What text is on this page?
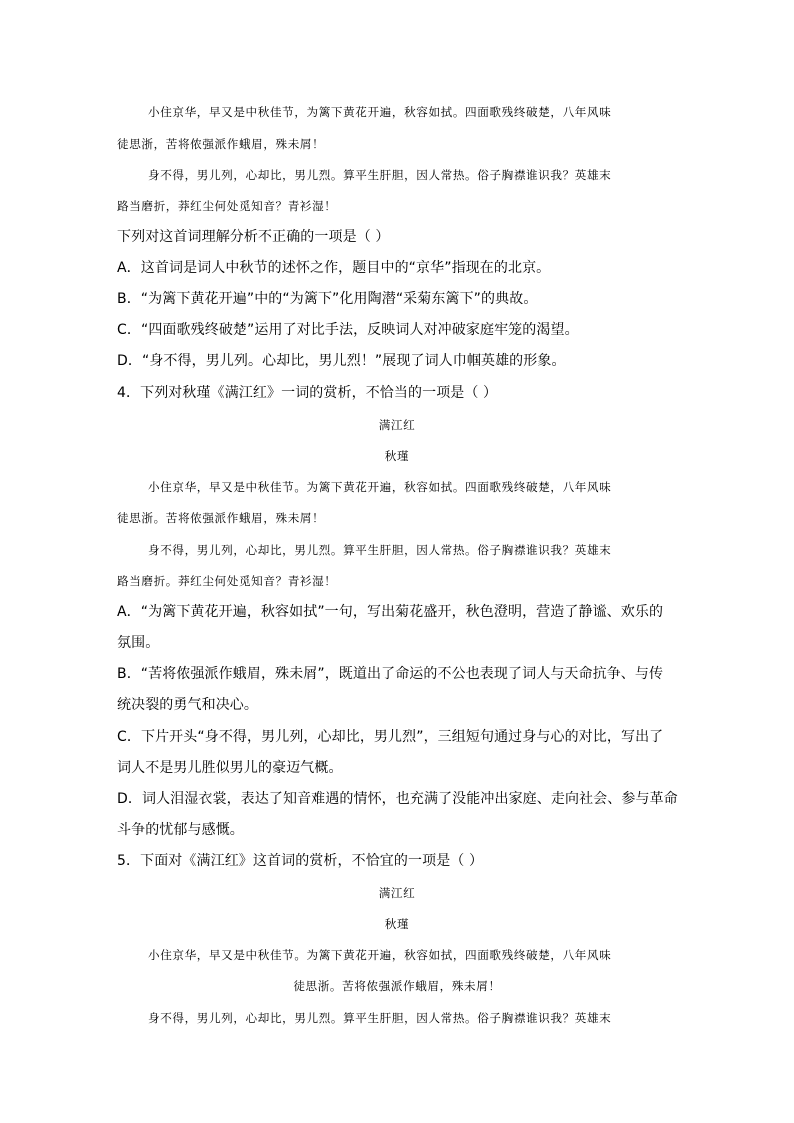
小住京华，早又是中秋佳节，为篱下黄花开遍，秋容如拭。四面歌残终破楚，八年风味
徒思浙，苦将侬强派作蛾眉，殊未屑！
身不得，男儿列，心却比，男儿烈。算平生肝胆，因人常热。俗子胸襟谁识我？英雄末
路当磨折，莽红尘何处觅知音？青衫湿！
下列对这首词理解分析不正确的一项是（ ）
A．这首词是词人中秋节的述怀之作，题目中的“京华”指现在的北京。
B．“为篱下黄花开遍”中的“为篱下”化用陶潜“采菊东篱下”的典故。
C．“四面歌残终破楚”运用了对比手法，反映词人对冲破家庭牢笼的渴望。
D．“身不得，男儿列。心却比，男儿烈！”展现了词人巾帼英雄的形象。
4．下列对秋瑾《满江红》一词的赏析，不恰当的一项是（ ）
满江红
秋瑾
小住京华，早又是中秋佳节。为篱下黄花开遍，秋容如拭。四面歌残终破楚，八年风味
徒思浙。苦将侬强派作蛾眉，殊未屑！
身不得，男儿列，心却比，男儿烈。算平生肝胆，因人常热。俗子胸襟谁识我？英雄末
路当磨折。莽红尘何处觅知音？青衫湿！
A．“为篱下黄花开遍，秋容如拭”一句，写出菊花盛开，秋色澄明，营造了静谧、欢乐的
氛围。
B．“苦将侬强派作蛾眉，殊未屑”，既道出了命运的不公也表现了词人与天命抗争、与传
统决裂的勇气和决心。
C．下片开头“身不得，男儿列，心却比，男儿烈”，三组短句通过身与心的对比，写出了
词人不是男儿胜似男儿的豪迈气概。
D．词人泪湿衣裳，表达了知音难遇的情怀，也充满了没能冲出家庭、走向社会、参与革命
斗争的忧郁与感慨。
5．下面对《满江红》这首词的赏析，不恰宜的一项是（ ）
满江红
秋瑾
小住京华，早又是中秋佳节。为篱下黄花开遍，秋容如拭，四面歌残终破楚，八年风味
徒思浙。苦将侬强派作蛾眉，殊未屑！
身不得，男儿列，心却比，男儿烈。算平生肝胆，因人常热。俗子胸襟谁识我？英雄末
